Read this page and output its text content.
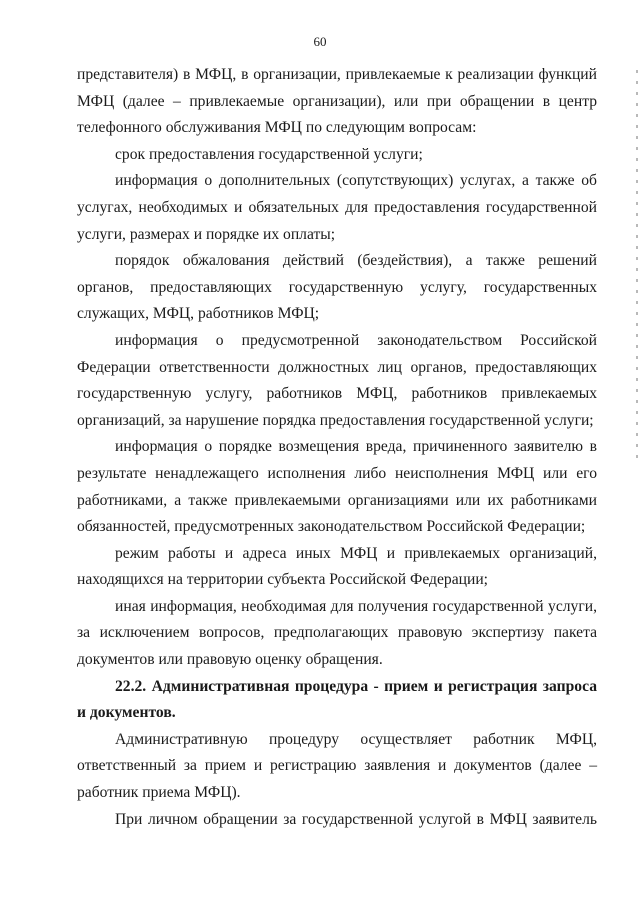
60

представителя) в МФЦ, в организации, привлекаемые к реализации функций МФЦ (далее – привлекаемые организации), или при обращении в центр телефонного обслуживания МФЦ по следующим вопросам:

срок предоставления государственной услуги;

информация о дополнительных (сопутствующих) услугах, а также об услугах, необходимых и обязательных для предоставления государственной услуги, размерах и порядке их оплаты;

порядок обжалования действий (бездействия), а также решений органов, предоставляющих государственную услугу, государственных служащих, МФЦ, работников МФЦ;

информация о предусмотренной законодательством Российской Федерации ответственности должностных лиц органов, предоставляющих государственную услугу, работников МФЦ, работников привлекаемых организаций, за нарушение порядка предоставления государственной услуги;

информация о порядке возмещения вреда, причиненного заявителю в результате ненадлежащего исполнения либо неисполнения МФЦ или его работниками, а также привлекаемыми организациями или их работниками обязанностей, предусмотренных законодательством Российской Федерации;

режим работы и адреса иных МФЦ и привлекаемых организаций, находящихся на территории субъекта Российской Федерации;

иная информация, необходимая для получения государственной услуги, за исключением вопросов, предполагающих правовую экспертизу пакета документов или правовую оценку обращения.

22.2. Административная процедура - прием и регистрация запроса и документов.

Административную процедуру осуществляет работник МФЦ, ответственный за прием и регистрацию заявления и документов (далее – работник приема МФЦ).

При личном обращении за государственной услугой в МФЦ заявитель
